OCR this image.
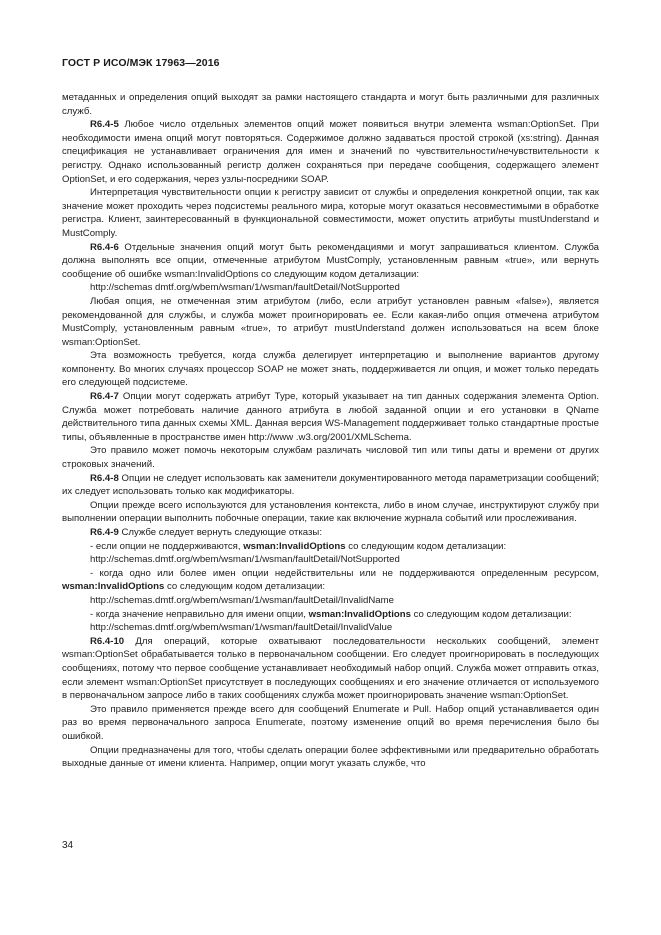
ГОСТ Р ИСО/МЭК 17963—2016

метаданных и определения опций выходят за рамки настоящего стандарта и могут быть различными для различных служб.

R6.4-5 Любое число отдельных элементов опций может появиться внутри элемента wsman:OptionSet. При необходимости имена опций могут повторяться. Содержимое должно задаваться простой строкой (xs:string). Данная спецификация не устанавливает ограничения для имен и значений по чувствительности/нечувствительности к регистру. Однако использованный регистр должен сохраняться при передаче сообщения, содержащего элемент OptionSet, и его содержания, через узлы-посредники SOAP.

Интерпретация чувствительности опции к регистру зависит от службы и определения конкретной опции, так как значение может проходить через подсистемы реального мира, которые могут оказаться несовместимыми в обработке регистра. Клиент, заинтересованный в функциональной совместимости, может опустить атрибуты mustUnderstand и MustComply.

R6.4-6 Отдельные значения опций могут быть рекомендациями и могут запрашиваться клиентом. Служба должна выполнять все опции, отмеченные атрибутом MustComply, установленным равным «true», или вернуть сообщение об ошибке wsman:InvalidOptions со следующим кодом детализации:

http://schemas dmtf.org/wbem/wsman/1/wsman/faultDetail/NotSupported

Любая опция, не отмеченная этим атрибутом (либо, если атрибут установлен равным «false»), является рекомендованной для службы, и служба может проигнорировать ее. Если какая-либо опция отмечена атрибутом MustComply, установленным равным «true», то атрибут mustUnderstand должен использоваться на всем блоке wsman:OptionSet.

Эта возможность требуется, когда служба делегирует интерпретацию и выполнение вариантов другому компоненту. Во многих случаях процессор SOAP не может знать, поддерживается ли опция, и может только передать его следующей подсистеме.

R6.4-7 Опции могут содержать атрибут Type, который указывает на тип данных содержания элемента Option. Служба может потребовать наличие данного атрибута в любой заданной опции и его установки в QName действительного типа данных схемы XML. Данная версия WS-Management поддерживает только стандартные простые типы, объявленные в пространстве имен http://www .w3.org/2001/XMLSchema.

Это правило может помочь некоторым службам различать числовой тип или типы даты и времени от других строковых значений.

R6.4-8 Опции не следует использовать как заменители документированного метода параметризации сообщений; их следует использовать только как модификаторы.

Опции прежде всего используются для установления контекста, либо в ином случае, инструктируют службу при выполнении операции выполнить побочные операции, такие как включение журнала событий или прослеживания.

R6.4-9 Службе следует вернуть следующие отказы:

- если опции не поддерживаются, wsman:InvalidOptions со следующим кодом детализации:

http://schemas.dmtf.org/wbem/wsman/1/wsman/faultDetail/NotSupported

- когда одно или более имен опции недействительны или не поддерживаются определенным ресурсом, wsman:InvalidOptions со следующим кодом детализации:

http://schemas.dmtf.org/wbem/wsman/1/wsman/faultDetail/InvalidName

- когда значение неправильно для имени опции, wsman:InvalidOptions со следующим кодом детализации:

http://schemas.dmtf.org/wbem/wsman/1/wsman/faultDetail/InvalidValue

R6.4-10 Для операций, которые охватывают последовательности нескольких сообщений, элемент wsman:OptionSet обрабатывается только в первоначальном сообщении. Его следует проигнорировать в последующих сообщениях, потому что первое сообщение устанавливает необходимый набор опций. Служба может отправить отказ, если элемент wsman:OptionSet присутствует в последующих сообщениях и его значение отличается от используемого в первоначальном запросе либо в таких сообщениях служба может проигнорировать значение wsman:OptionSet.

Это правило применяется прежде всего для сообщений Enumerate и Pull. Набор опций устанавливается один раз во время первоначального запроса Enumerate, поэтому изменение опций во время перечисления было бы ошибкой.

Опции предназначены для того, чтобы сделать операции более эффективными или предварительно обработать выходные данные от имени клиента. Например, опции могут указать службе, что

34
